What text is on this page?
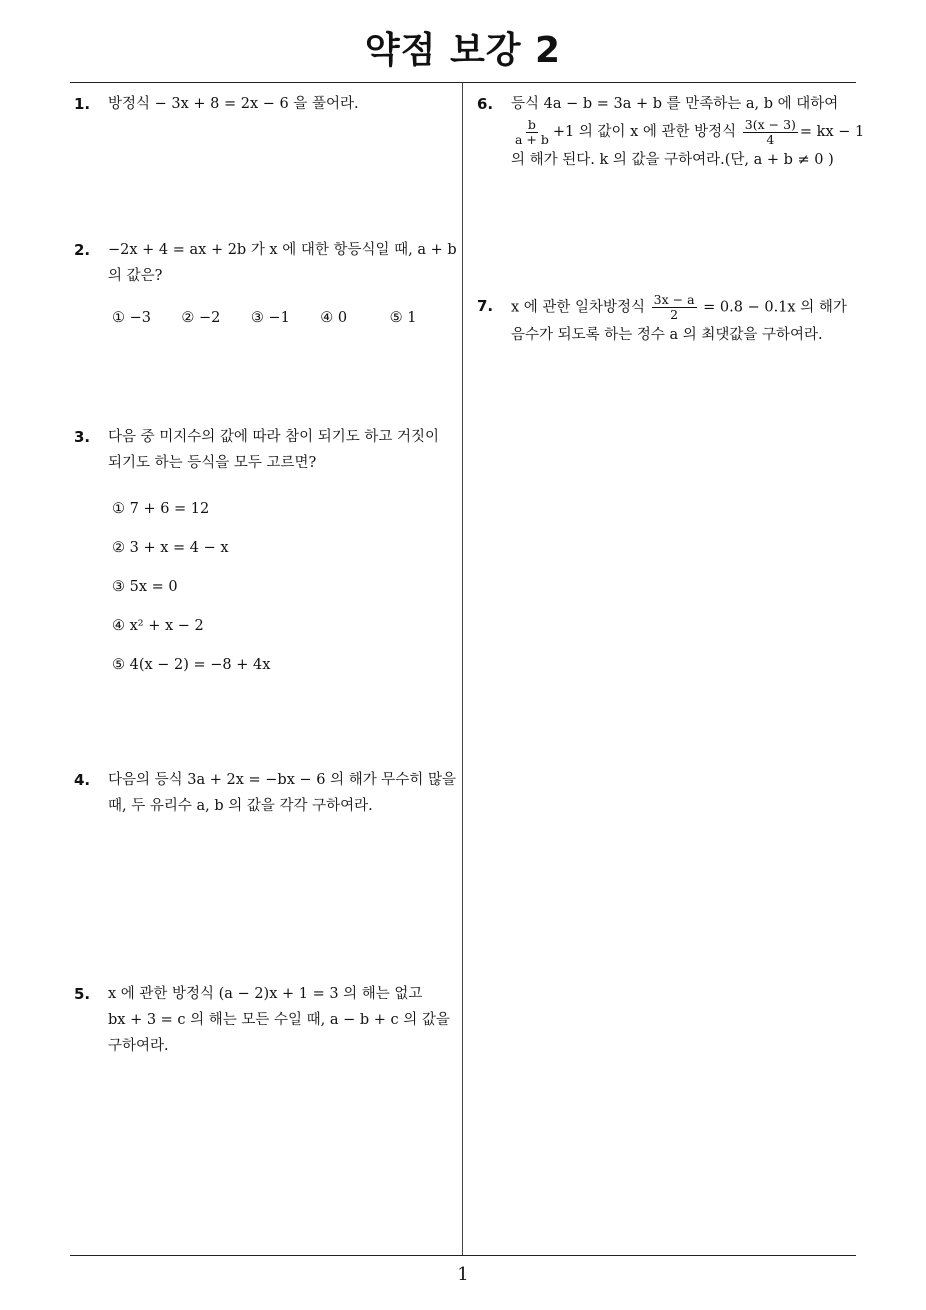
약점 보강 2
1. 방정식 − 3x + 8 = 2x − 6 을 풀어라.
2. −2x + 4 = ax + 2b 가 x 에 대한 항등식일 때, a + b
의 값은?
① −3	② −2	③ −1	④ 0	⑤ 1
3. 다음 중 미지수의 값에 따라 참이 되기도 하고 거짓이
되기도 하는 등식을 모두 고르면?
① 7 + 6 = 12
② 3 + x = 4 − x
③ 5x = 0
④ x² + x − 2
⑤ 4(x − 2) = −8 + 4x
4. 다음의 등식 3a + 2x = −bx − 6 의 해가 무수히 많을
때, 두 유리수 a, b 의 값을 각각 구하여라.
5. x 에 관한 방정식 (a − 2)x + 1 = 3 의 해는 없고
bx + 3 = c 의 해는 모든 수일 때, a − b + c 의 값을
구하여라.
6. 등식 4a − b = 3a + b 를 만족하는 a, b 에 대하여
$\frac{b}{a + b} +1$ 의 값이 x 에 관한 방정식 $\frac{3(x - 3)}{4}$ = kx − 1
의 해가 된다. k 의 값을 구하여라.(단, a + b ≠ 0 )
7. x 에 관한 일차방정식 $\frac{3x - a}{2} = 0.8 - 0.1x$ 의 해가
음수가 되도록 하는 정수 a 의 최댓값을 구하여라.
1
